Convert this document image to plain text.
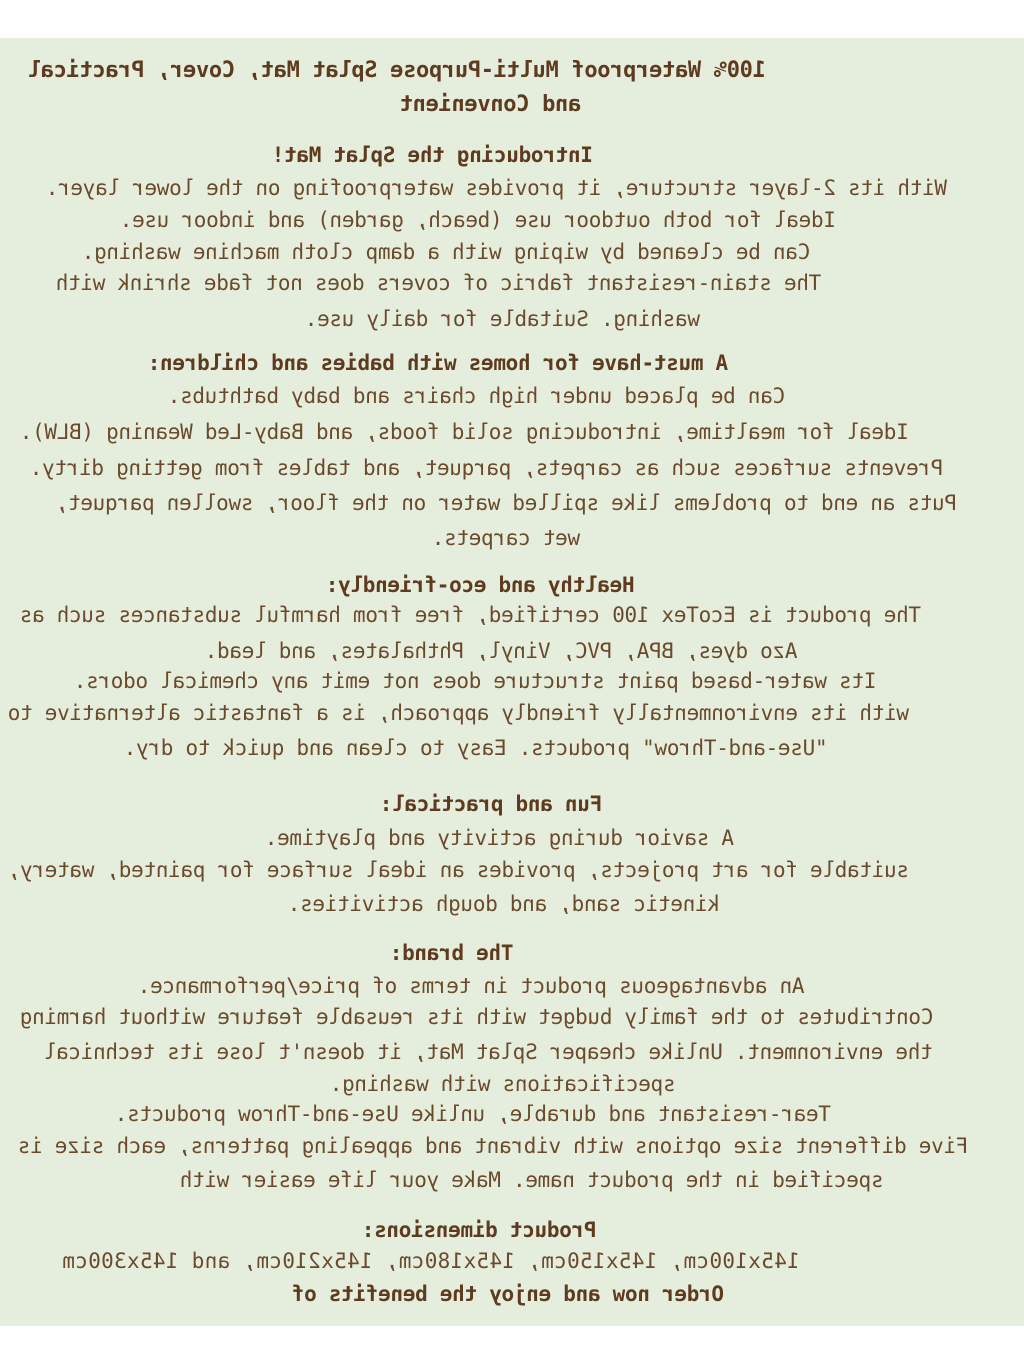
100% Waterproof Multi-Purpose Splat Mat, Cover, Practical
and Convenient
Introducing the Splat Mat!
With its 2-layer structure, it provides waterproofing on the lower layer.
Ideal for both outdoor use (beach, garden) and indoor use.
Can be cleaned by wiping with a damp cloth machine washing.
The stain-resistant fabric of covers does not fade shrink with
washing. Suitable for daily use.
A must-have for homes with babies and children:
Can be placed under high chairs and baby bathtubs.
Ideal for mealtime, introducing solid foods, and Baby-Led Weaning (BLW).
Prevents surfaces such as carpets, parquet, and tables from getting dirty.
Puts an end to problems like spilled water on the floor, swollen parquet,
wet carpets.
Healthy and eco-friendly:
The product is EcoTex 100 certified, free from harmful substances such as
Azo dyes, BPA, PVC, Vinyl, Phthalates, and lead.
Its water-based paint structure does not emit any chemical odors.
with its environmentally friendly approach, is a fantastic alternative to
"Use-and-Throw" products. Easy to clean and quick to dry.
Fun and practical:
A savior during activity and playtime.
suitable for art projects, provides an ideal surface for painted, watery,
kinetic sand, and dough activities.
The brand:
An advantageous product in terms of price/performance.
Contributes to the family budget with its reusable feature without harming
the environment. Unlike cheaper Splat Mat, it doesn't lose its technical
specifications with washing.
Tear-resistant and durable, unlike Use-and-Throw products.
Five different size options with vibrant and appealing patterns, each size is
specified in the product name. Make your life easier with
Product dimensions:
145x100cm, 145x150cm, 145x180cm, 145x210cm, and 145x300cm
Order now and enjoy the benefits of
